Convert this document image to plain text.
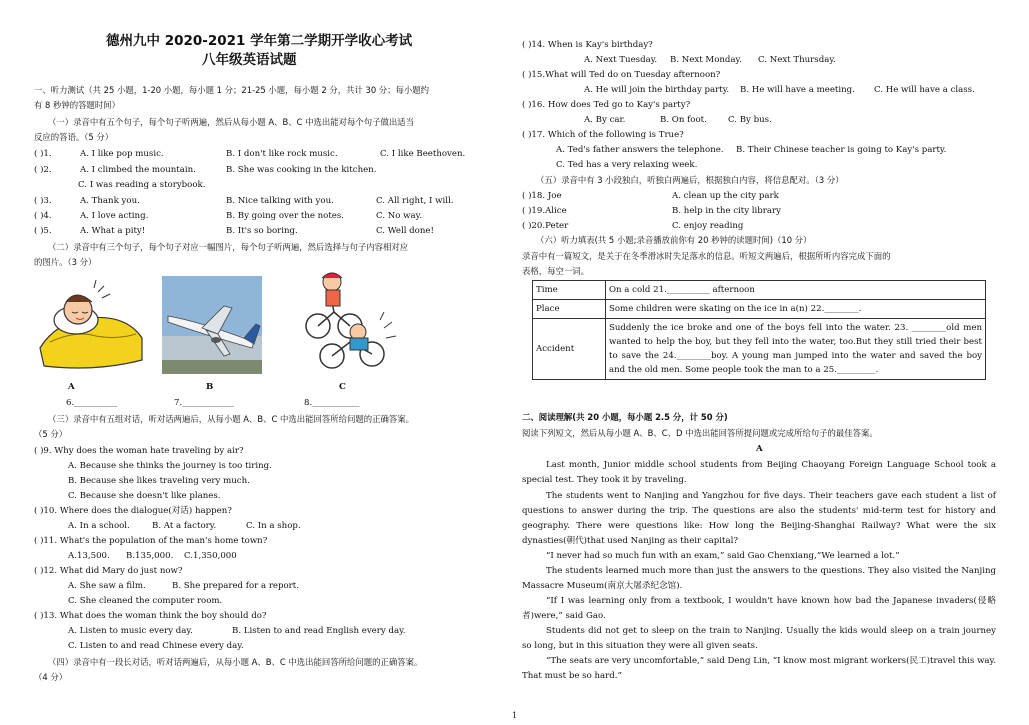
德州九中 2020-2021 学年第二学期开学收心考试
八年级英语试题
一、听力测试（共 25 小题，1-20 小题，每小题 1 分；21-25 小题，每小题 2 分，共计 30 分；每小题约
有 8 秒钟的答题时间）
（一）录音中有五个句子，每个句子听两遍，然后从每小题 A、B、C 中选出能对每个句子做出适当
反应的答语。（5 分）
( )1.	A. I like pop music.	B. I don't like rock music.	C. I like Beethoven.
( )2.	A. I climbed the mountain.	B. She was cooking in the kitchen.
C. I was reading a storybook.
( )3.	A. Thank you.	B. Nice talking with you.	C. All right, I will.
( )4.	A. I love acting.	B. By going over the notes.	C. No way.
( )5.	A. What a pity!	B. It's so boring.	C. Well done!
（二）录音中有三个句子，每个句子对应一幅图片，每个句子听两遍，然后选择与句子内容相对应
的图片。（3 分）
A	B	C
6.__________	7.____________	8.___________
（三）录音中有五组对话，听对话两遍后，从每小题 A、B、C 中选出能回答所给问题的正确答案。
（5 分）
( )9. Why does the woman hate traveling by air?
A. Because she thinks the journey is too tiring.
B. Because she likes traveling very much.
C. Because she doesn't like planes.
( )10. Where does the dialogue(对话) happen?
A. In a school.	B. At a factory.	C. In a shop.
( )11. What's the population of the man's home town?
A.13,500. B.135,000. C.1,350,000
( )12. What did Mary do just now?
A. She saw a film.	B. She prepared for a report.
C. She cleaned the computer room.
( )13. What does the woman think the boy should do?
A. Listen to music every day.	B. Listen to and read English every day.
C. Listen to and read Chinese every day.
（四）录音中有一段长对话，听对话两遍后，从每小题 A、B、C 中选出能回答所给问题的正确答案。
（4 分）
( )14. When is Kay's birthday?
A. Next Tuesday. B. Next Monday. C. Next Thursday.
( )15.What will Ted do on Tuesday afternoon?
A. He will join the birthday party. B. He will have a meeting. C. He will have a class.
( )16. How does Ted go to Kay's party?
A. By car.	B. On foot. C. By bus.
( )17. Which of the following is True?
A. Ted's father answers the telephone. B. Their Chinese teacher is going to Kay's party.
C. Ted has a very relaxing week.
（五）录音中有 3 小段独白，听独白两遍后，根据独白内容，将信息配对。（3 分）
( )18. Joe	A. clean up the city park
( )19.Alice	B. help in the city library
( )20.Peter	C. enjoy reading
（六）听力填表(共 5 小题;录音播放前你有 20 秒钟的读题时间)（10 分）
录音中有一篇短文，是关于在冬季滑冰时失足落水的信息。听短文两遍后，根据所听内容完成下面的
表格，每空一词。
Time	On a cold 21.__________ afternoon
Place	Some children were skating on the ice in a(n) 22.________.
Accident	Suddenly the ice broke and one of the boys fell into the water. 23. ________old men wanted to help the boy, but they fell into the water, too.But they still tried their best to save the 24.________boy. A young man jumped into the water and saved the boy and the old men. Some people took the man to a 25._________.
二、阅读理解(共 20 小题，每小题 2.5 分，计 50 分)
阅读下列短文，然后从每小题 A、B、C、D 中选出能回答所提问题或完成所给句子的最佳答案。
A
Last month, Junior middle school students from Beijing Chaoyang Foreign Language School took a special test. They took it by traveling.
The students went to Nanjing and Yangzhou for five days. Their teachers gave each student a list of questions to answer during the trip. The questions are also the students' mid-term test for history and geography. There were questions like: How long the Beijing-Shanghai Railway? What were the six dynasties(朝代)that used Nanjing as their capital?
“I never had so much fun with an exam,” said Gao Chenxiang,“We learned a lot.”
The students learned much more than just the answers to the questions. They also visited the Nanjing Massacre Museum(南京大屠杀纪念馆).
“If I was learning only from a textbook, I wouldn't have known how bad the Japanese invaders(侵略者)were,” said Gao.
Students did not get to sleep on the train to Nanjing. Usually the kids would sleep on a train journey so long, but in this situation they were all given seats.
“The seats are very uncomfortable,” said Deng Lin, “I know most migrant workers(民工)travel this way. That must be so hard.”
1
